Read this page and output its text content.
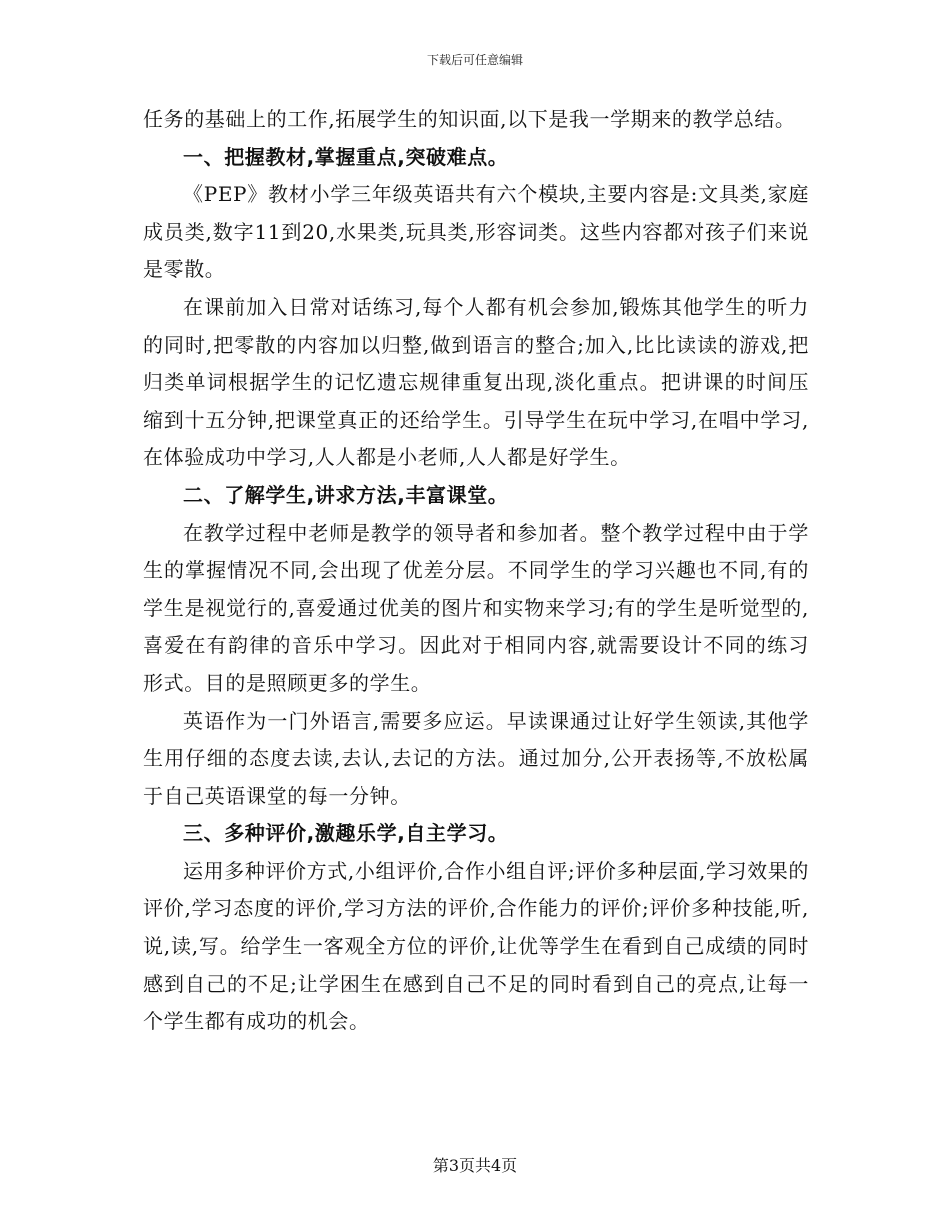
下载后可任意编辑

任务的基础上的工作,拓展学生的知识面,以下是我一学期来的教学总结。

一、把握教材,掌握重点,突破难点。

《PEP》教材小学三年级英语共有六个模块,主要内容是:文具类,家庭成员类,数字11到20,水果类,玩具类,形容词类。这些内容都对孩子们来说是零散。

在课前加入日常对话练习,每个人都有机会参加,锻炼其他学生的听力的同时,把零散的内容加以归整,做到语言的整合;加入,比比读读的游戏,把归类单词根据学生的记忆遗忘规律重复出现,淡化重点。把讲课的时间压缩到十五分钟,把课堂真正的还给学生。引导学生在玩中学习,在唱中学习,在体验成功中学习,人人都是小老师,人人都是好学生。

二、了解学生,讲求方法,丰富课堂。

在教学过程中老师是教学的领导者和参加者。整个教学过程中由于学生的掌握情况不同,会出现了优差分层。不同学生的学习兴趣也不同,有的学生是视觉行的,喜爱通过优美的图片和实物来学习;有的学生是听觉型的,喜爱在有韵律的音乐中学习。因此对于相同内容,就需要设计不同的练习形式。目的是照顾更多的学生。

英语作为一门外语言,需要多应运。早读课通过让好学生领读,其他学生用仔细的态度去读,去认,去记的方法。通过加分,公开表扬等,不放松属于自己英语课堂的每一分钟。

三、多种评价,激趣乐学,自主学习。

运用多种评价方式,小组评价,合作小组自评;评价多种层面,学习效果的评价,学习态度的评价,学习方法的评价,合作能力的评价;评价多种技能,听,说,读,写。给学生一客观全方位的评价,让优等学生在看到自己成绩的同时感到自己的不足;让学困生在感到自己不足的同时看到自己的亮点,让每一个学生都有成功的机会。

第3页共4页
